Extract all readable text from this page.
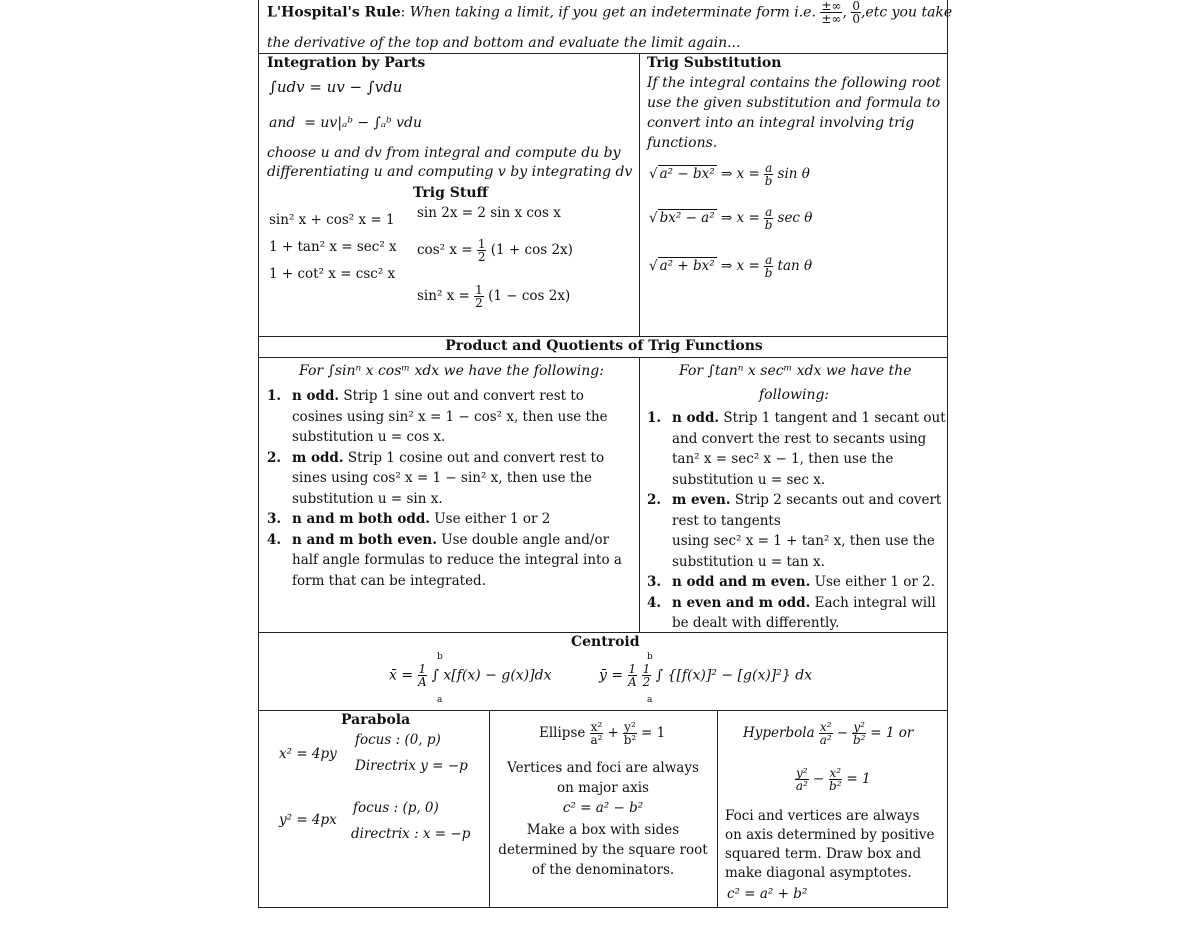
L'Hospital's Rule: When taking a limit, if you get an indeterminate form i.e. $\frac{\pm\infty}{\pm\infty}$ , $\frac{0}{0} ,etc$ you take
the derivative of the top and bottom and evaluate the limit again...
Integration by Parts
∫udv = uv − ∫vdu
and = uv|ₐᵇ − ∫ₐᵇ vdu
choose u and dv from integral and compute du by
differentiating u and computing v by integrating dv
Trig Stuff
sin² x + cos² x = 1
1 + tan² x = sec² x
1 + cot² x = csc² x
sin 2x = 2 sin x cos x
cos² $x = \frac{1}{2} (1 + \cos 2x)$
sin² $x = \frac{1}{2} (1 - \cos 2x)$
Trig Substitution
If the integral contains the following root
use the given substitution and formula to
convert into an integral involving trig
functions.
√ a² − bx² ⇒ $x = \frac{a}{b}$ sin θ
√ bx² − a² ⇒ $x = \frac{a}{b}$ sec θ
√ a² + bx² ⇒ $x = \frac{a}{b}$ tan θ
Product and Quotients of Trig Functions
For ∫sinⁿ x cosᵐ xdx we have the following:
1. n odd. Strip 1 sine out and convert rest to
cosines using sin² x = 1 − cos² x, then use the
substitution u = cos x.
2. m odd. Strip 1 cosine out and convert rest to
sines using cos² x = 1 − sin² x, then use the
substitution u = sin x.
3. n and m both odd. Use either 1 or 2
4. n and m both even. Use double angle and/or
half angle formulas to reduce the integral into a
form that can be integrated.
For ∫tanⁿ x secᵐ xdx we have the
following:
1. n odd. Strip 1 tangent and 1 secant out
and convert the rest to secants using
tan² x = sec² x − 1, then use the
substitution u = sec x.
2. m even. Strip 2 secants out and covert
rest to tangents
using sec² x = 1 + tan² x, then use the
substitution u = tan x.
3. n odd and m even. Use either 1 or 2.
4. n even and m odd. Each integral will
be dealt with differently.
Centroid
x̄ = $\frac{1}{A}$ ∫ x[f(x) − g(x)]dx	ȳ = $\frac{1}{A}$
$\frac{1}{2}$ ∫ {[f(x)]² − [g(x)]²} dx
b
a
b
a
Parabola
x² = 4py
focus : (0, p)
Directrix y = −p
y² = 4px
focus : (p, 0)
directrix : x = −p
Ellipse $\frac{\text{x²}}{\text{a²}} + \frac{\text{y²}}{\text{b²}} = 1$
Vertices and foci are always
on major axis
c² = a² − b²
Make a box with sides
determined by the square root
of the denominators.
Hyperbola $\frac{\text{x²}}{\text{a²}} - \frac{\text{y²}}{\text{b²}} = 1$ or
$\frac{\text{y²}}{\text{a²}} - \frac{\text{x²}}{\text{b²}} = 1$
Foci and vertices are always
on axis determined by positive
squared term. Draw box and
make diagonal asymptotes.
c² = a² + b²
